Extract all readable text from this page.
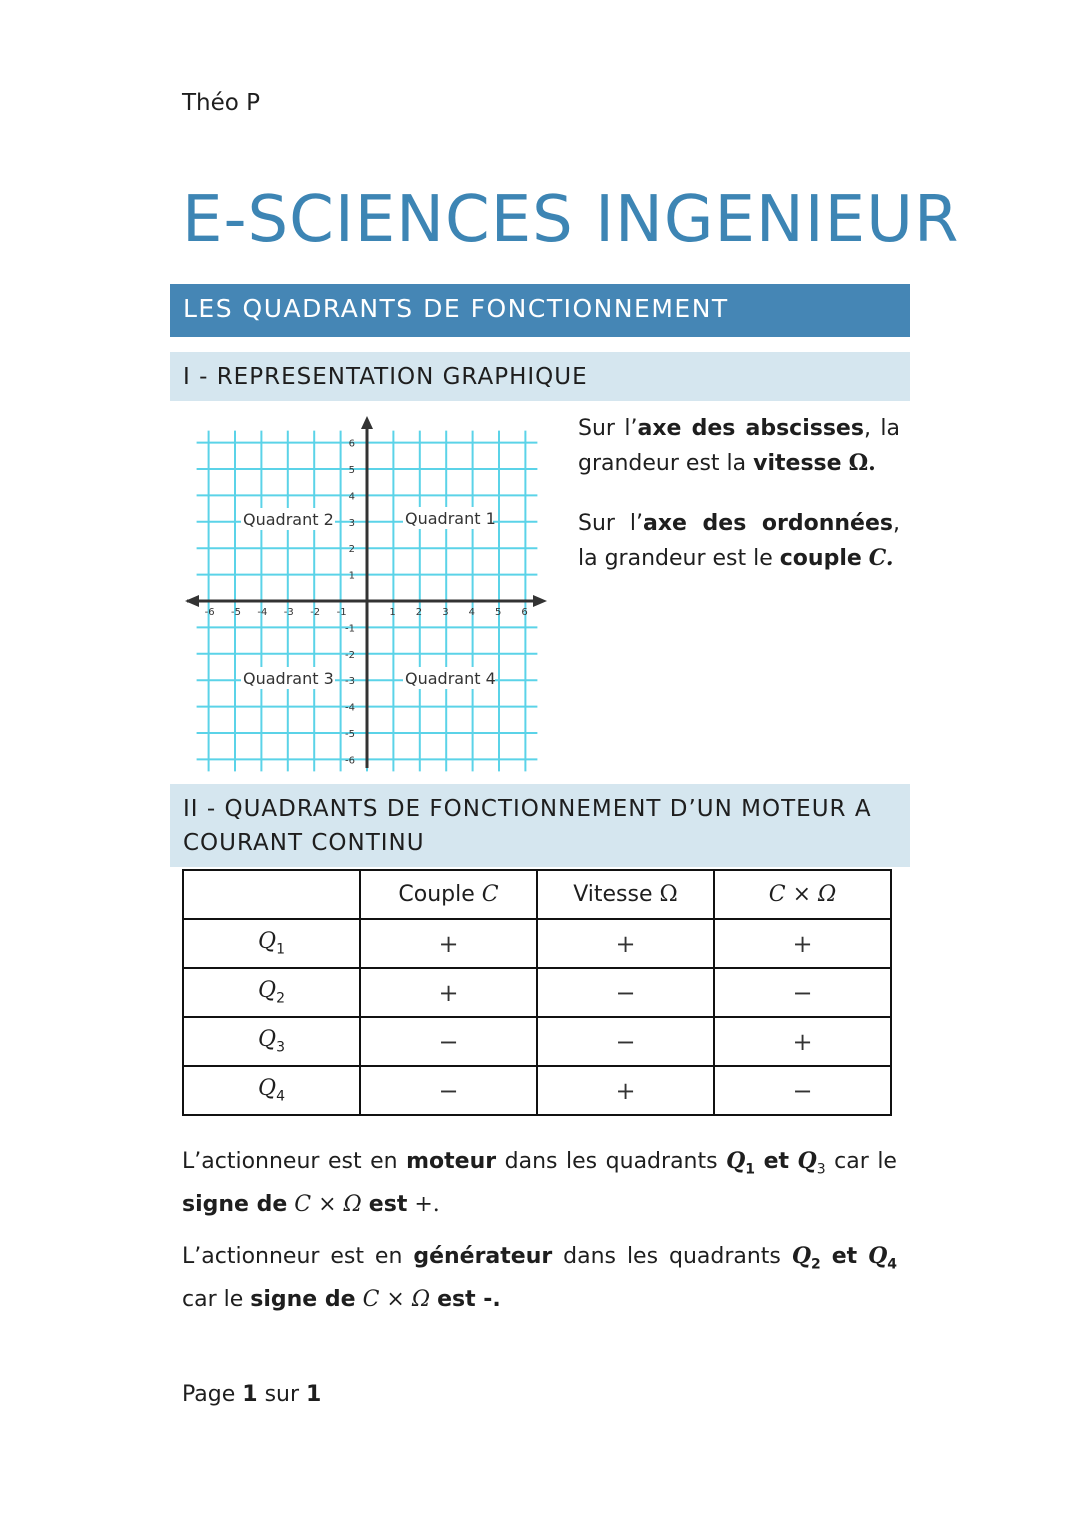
Théo P
E-SCIENCES INGENIEUR
LES QUADRANTS DE FONCTIONNEMENT
I - REPRESENTATION GRAPHIQUE
-6 -5 -4 -3 -2 -1	1 2 3 4 5 6
6
5
4
3
2
1
-1
-2
-3
-4
-5
-6
Quadrant 1
Quadrant 2
Quadrant 3	Quadrant 4

Sur l’axe des abscisses, la grandeur est la vitesse Ω.

Sur l’axe des ordonnées, la grandeur est le couple C.

II - QUADRANTS DE FONCTIONNEMENT D’UN MOTEUR A COURANT CONTINU
	Couple C	Vitesse Ω	C × Ω
$Q_1$	+	+	+
$Q_2$	+	−	−
$Q_3$	−	−	+
$Q_4$	−	+	−

L’actionneur est en moteur dans les quadrants $Q_1$ et $Q_3$ car le signe de C × Ω est +.

L’actionneur est en générateur dans les quadrants $Q_2$ et $Q_4$ car le signe de C × Ω est -.

Page 1 sur 1
